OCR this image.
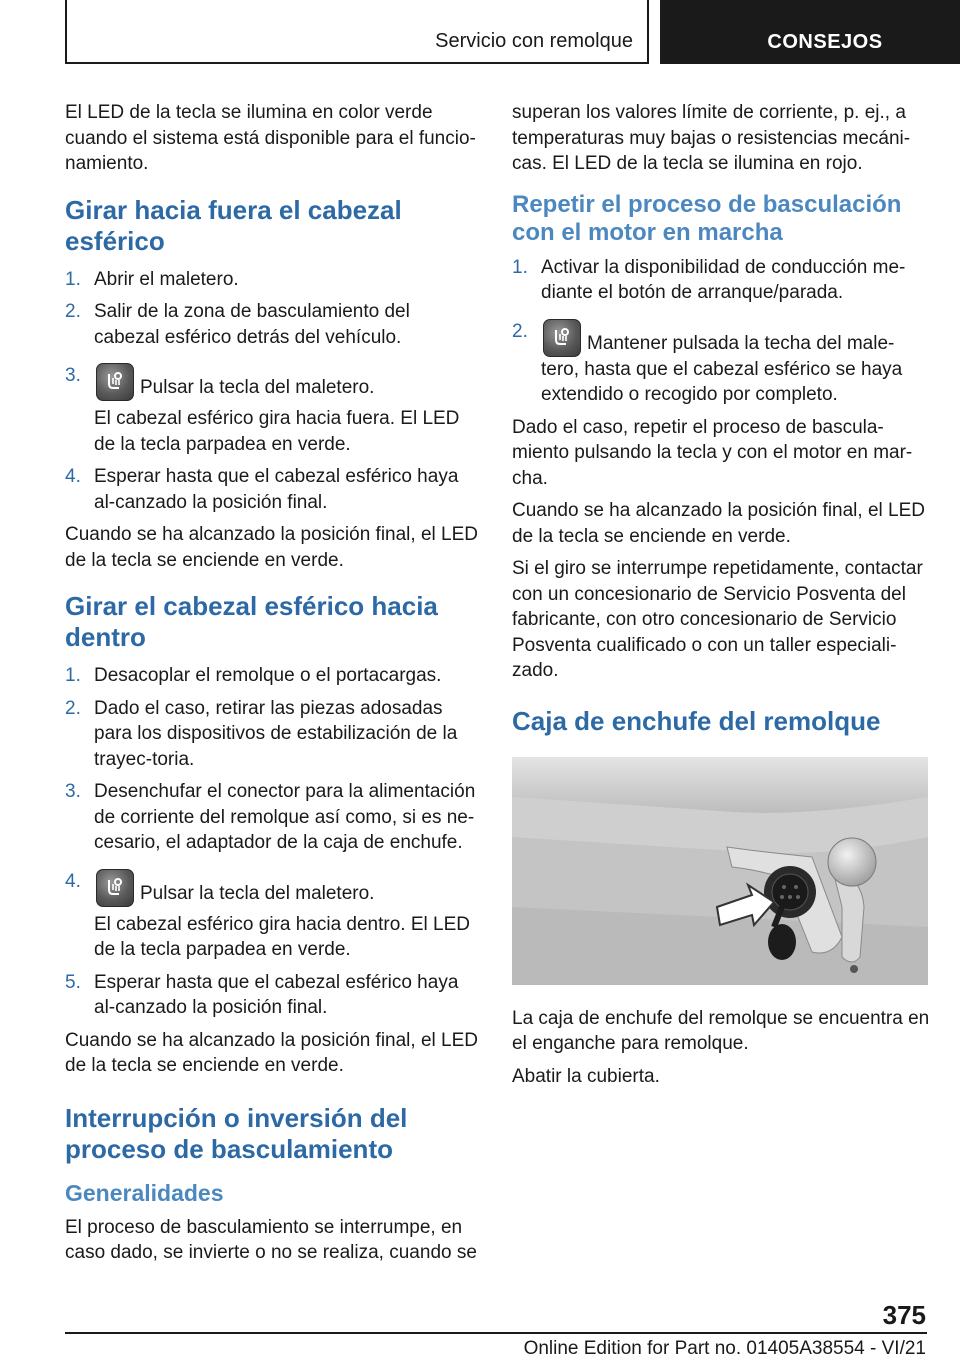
Servicio con remolque	CONSEJOS

El LED de la tecla se ilumina en color verde cuando el sistema está disponible para el funcio-namiento.

Girar hacia fuera el cabezal esférico
1. Abrir el maletero.
2. Salir de la zona de basculamiento del cabezal esférico detrás del vehículo.
3.
Pulsar la tecla del maletero.
El cabezal esférico gira hacia fuera. El LED de la tecla parpadea en verde.
4. Esperar hasta que el cabezal esférico haya al-canzado la posición final.

Cuando se ha alcanzado la posición final, el LED de la tecla se enciende en verde.

Girar el cabezal esférico hacia dentro
1. Desacoplar el remolque o el portacargas.
2. Dado el caso, retirar las piezas adosadas para los dispositivos de estabilización de la trayec-toria.
3. Desenchufar el conector para la alimentación de corriente del remolque así como, si es ne-cesario, el adaptador de la caja de enchufe.
4.
Pulsar la tecla del maletero.
El cabezal esférico gira hacia dentro. El LED de la tecla parpadea en verde.
5. Esperar hasta que el cabezal esférico haya al-canzado la posición final.

Cuando se ha alcanzado la posición final, el LED de la tecla se enciende en verde.

Interrupción o inversión del proceso de basculamiento
Generalidades

El proceso de basculamiento se interrumpe, en caso dado, se invierte o no se realiza, cuando se

superan los valores límite de corriente, p. ej., a temperaturas muy bajas o resistencias mecáni-cas. El LED de la tecla se ilumina en rojo.

Repetir el proceso de basculación con el motor en marcha
1. Activar la disponibilidad de conducción me-diante el botón de arranque/parada.
2.
Mantener pulsada la techa del male-tero, hasta que el cabezal esférico se haya extendido o recogido por completo.

Dado el caso, repetir el proceso de bascula-miento pulsando la tecla y con el motor en mar-cha.

Cuando se ha alcanzado la posición final, el LED de la tecla se enciende en verde.

Si el giro se interrumpe repetidamente, contactar con un concesionario de Servicio Posventa del fabricante, con otro concesionario de Servicio Posventa cualificado o con un taller especiali-zado.

Caja de enchufe del remolque

La caja de enchufe del remolque se encuentra en el enganche para remolque.

Abatir la cubierta.

375
Online Edition for Part no. 01405A38554 - VI/21
